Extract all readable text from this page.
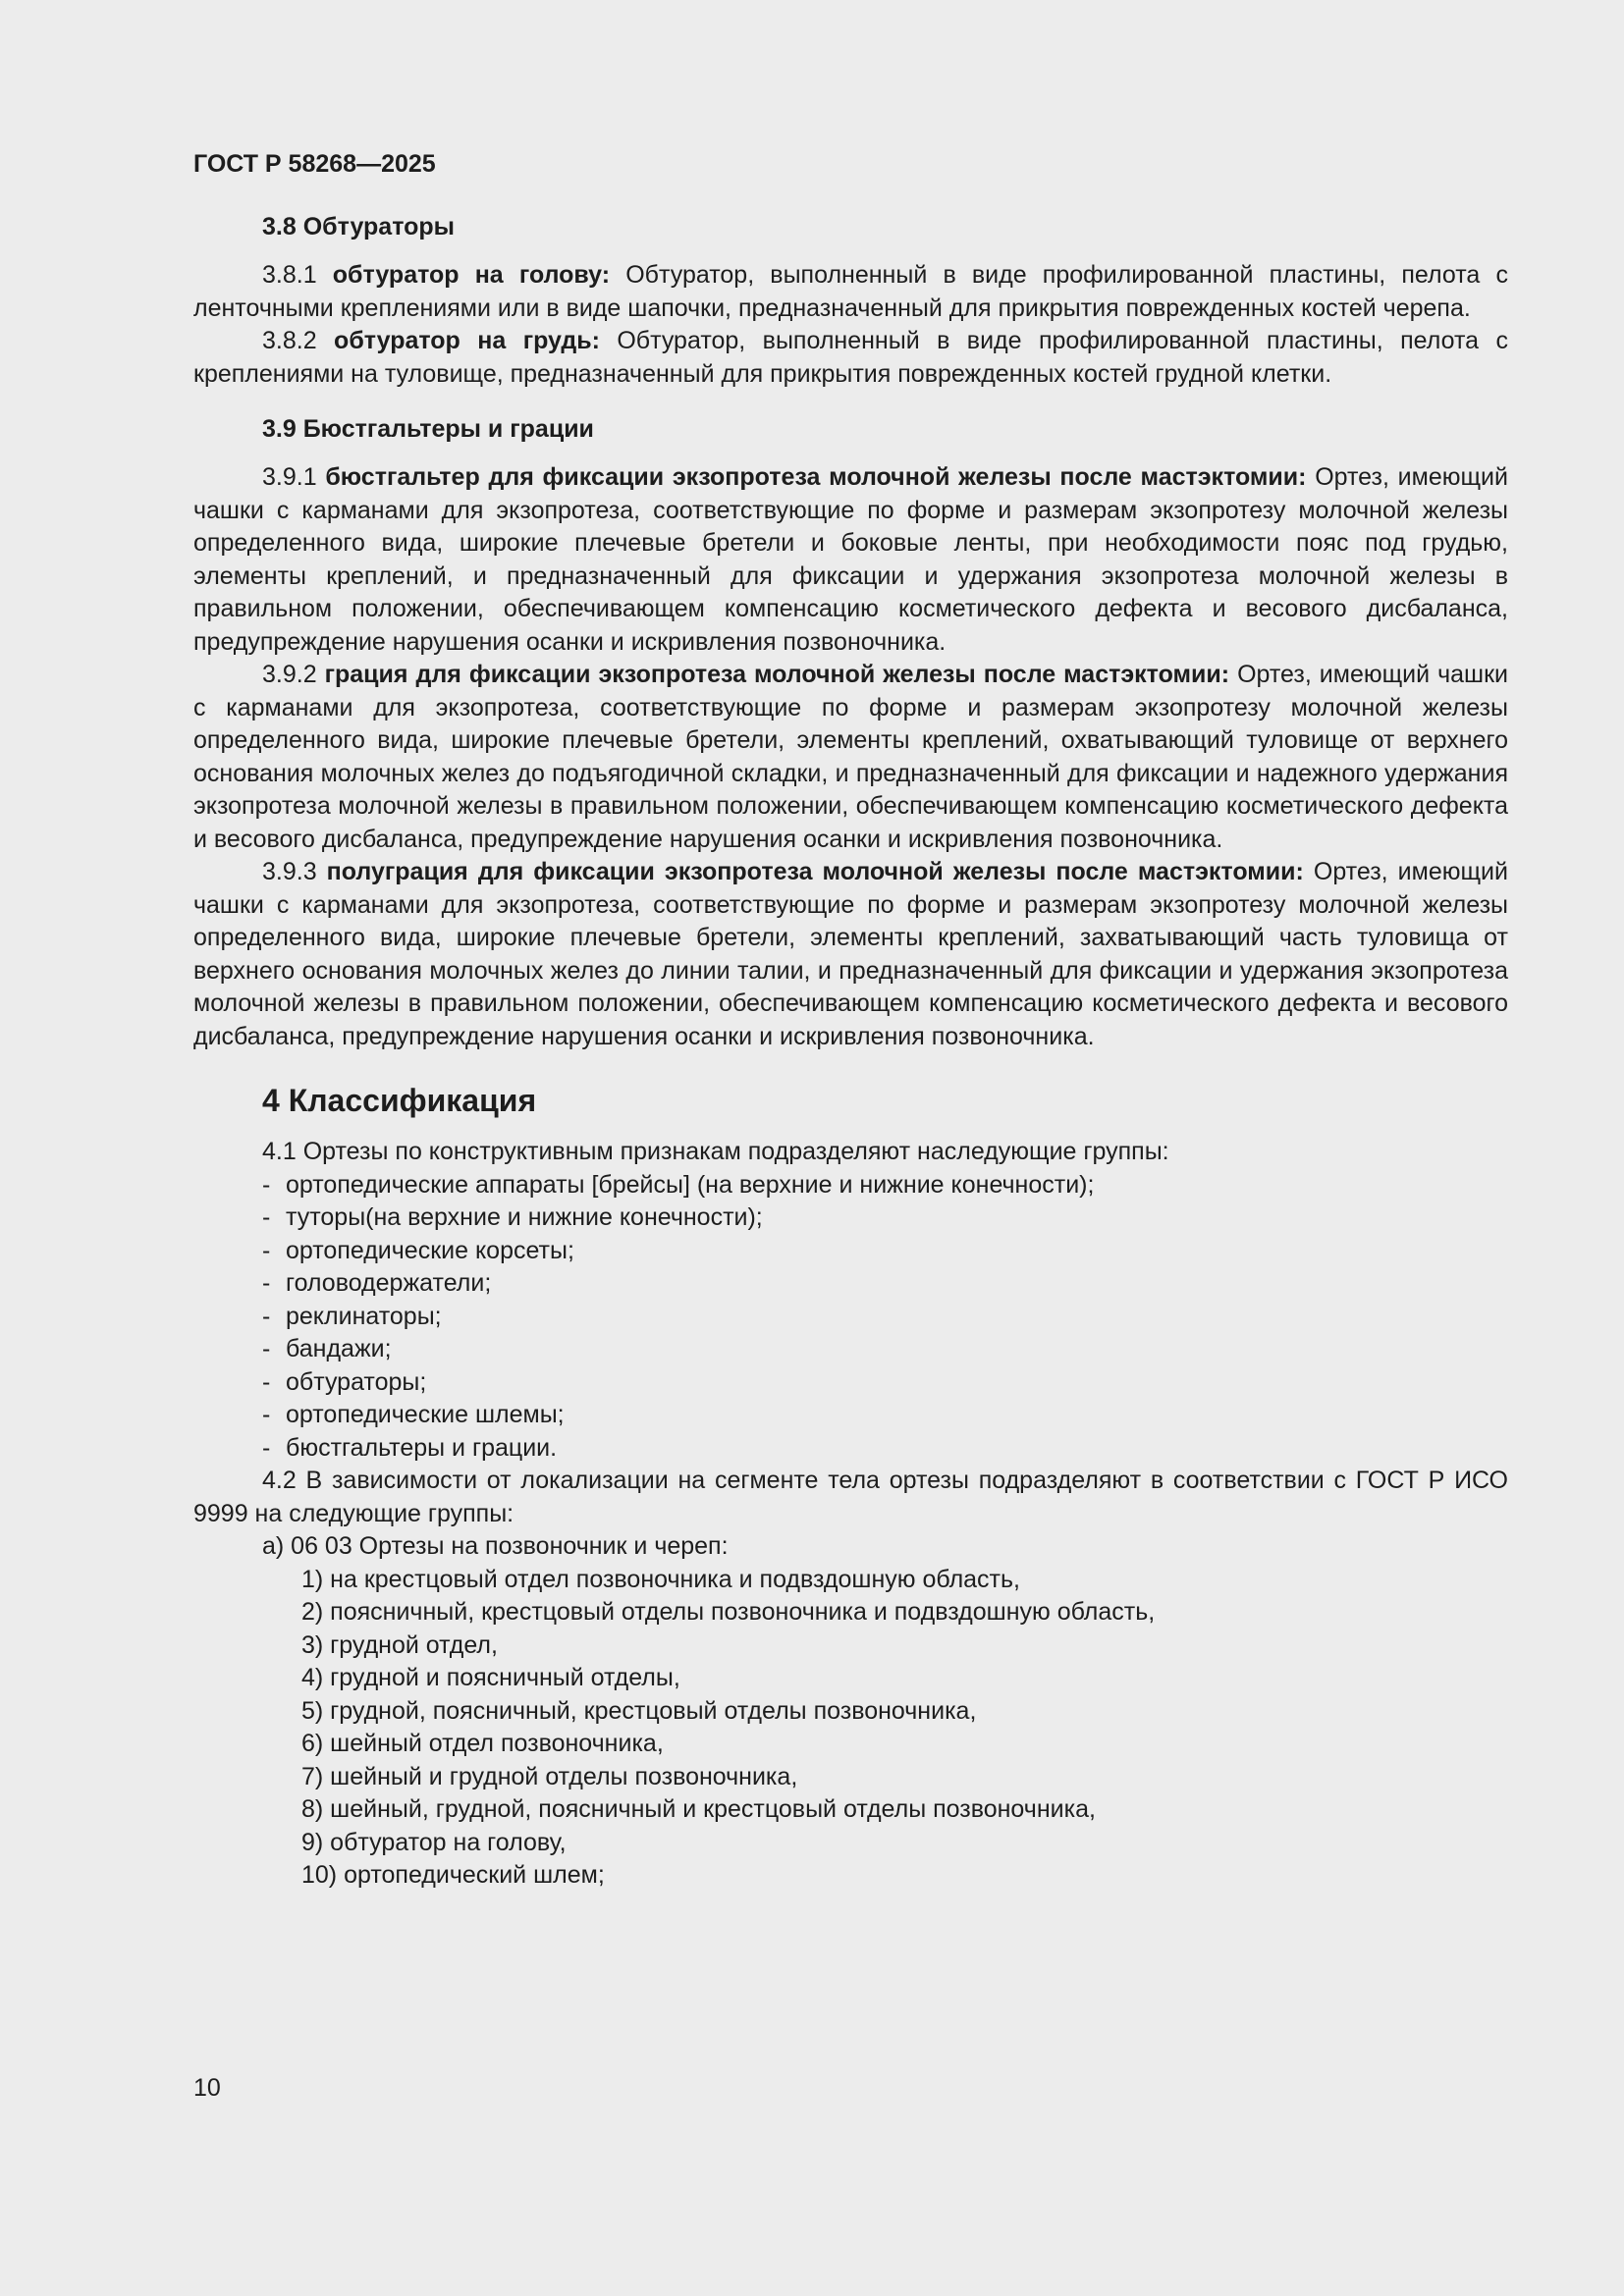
ГОСТ Р 58268—2025

3.8 Обтураторы

3.8.1 обтуратор на голову: Обтуратор, выполненный в виде профилированной пластины, пелота с ленточными креплениями или в виде шапочки, предназначенный для прикрытия поврежденных костей черепа.

3.8.2 обтуратор на грудь: Обтуратор, выполненный в виде профилированной пластины, пелота с креплениями на туловище, предназначенный для прикрытия поврежденных костей грудной клетки.

3.9 Бюстгальтеры и грации

3.9.1 бюстгальтер для фиксации экзопротеза молочной железы после мастэктомии: Ортез, имеющий чашки с карманами для экзопротеза, соответствующие по форме и размерам экзопротезу молочной железы определенного вида, широкие плечевые бретели и боковые ленты, при необходимости пояс под грудью, элементы креплений, и предназначенный для фиксации и удержания экзопротеза молочной железы в правильном положении, обеспечивающем компенсацию косметического дефекта и весового дисбаланса, предупреждение нарушения осанки и искривления позвоночника.

3.9.2 грация для фиксации экзопротеза молочной железы после мастэктомии: Ортез, имеющий чашки с карманами для экзопротеза, соответствующие по форме и размерам экзопротезу молочной железы определенного вида, широкие плечевые бретели, элементы креплений, охватывающий туловище от верхнего основания молочных желез до подъягодичной складки, и предназначенный для фиксации и надежного удержания экзопротеза молочной железы в правильном положении, обеспечивающем компенсацию косметического дефекта и весового дисбаланса, предупреждение нарушения осанки и искривления позвоночника.

3.9.3 полуграция для фиксации экзопротеза молочной железы после мастэктомии: Ортез, имеющий чашки с карманами для экзопротеза, соответствующие по форме и размерам экзопротезу молочной железы определенного вида, широкие плечевые бретели, элементы креплений, захватывающий часть туловища от верхнего основания молочных желез до линии талии, и предназначенный для фиксации и удержания экзопротеза молочной железы в правильном положении, обеспечивающем компенсацию косметического дефекта и весового дисбаланса, предупреждение нарушения осанки и искривления позвоночника.

4 Классификация

4.1 Ортезы по конструктивным признакам подразделяют наследующие группы:

- ортопедические аппараты [брейсы] (на верхние и нижние конечности);

- туторы(на верхние и нижние конечности);

- ортопедические корсеты;

- головодержатели;

- реклинаторы;

- бандажи;

- обтураторы;

- ортопедические шлемы;

- бюстгальтеры и грации.

4.2 В зависимости от локализации на сегменте тела ортезы подразделяют в соответствии с ГОСТ Р ИСО 9999 на следующие группы:

а) 06 03 Ортезы на позвоночник и череп:

1) на крестцовый отдел позвоночника и подвздошную область,

2) поясничный, крестцовый отделы позвоночника и подвздошную область,

3) грудной отдел,

4) грудной и поясничный отделы,

5) грудной, поясничный, крестцовый отделы позвоночника,

6) шейный отдел позвоночника,

7) шейный и грудной отделы позвоночника,

8) шейный, грудной, поясничный и крестцовый отделы позвоночника,

9) обтуратор на голову,

10) ортопедический шлем;

10
